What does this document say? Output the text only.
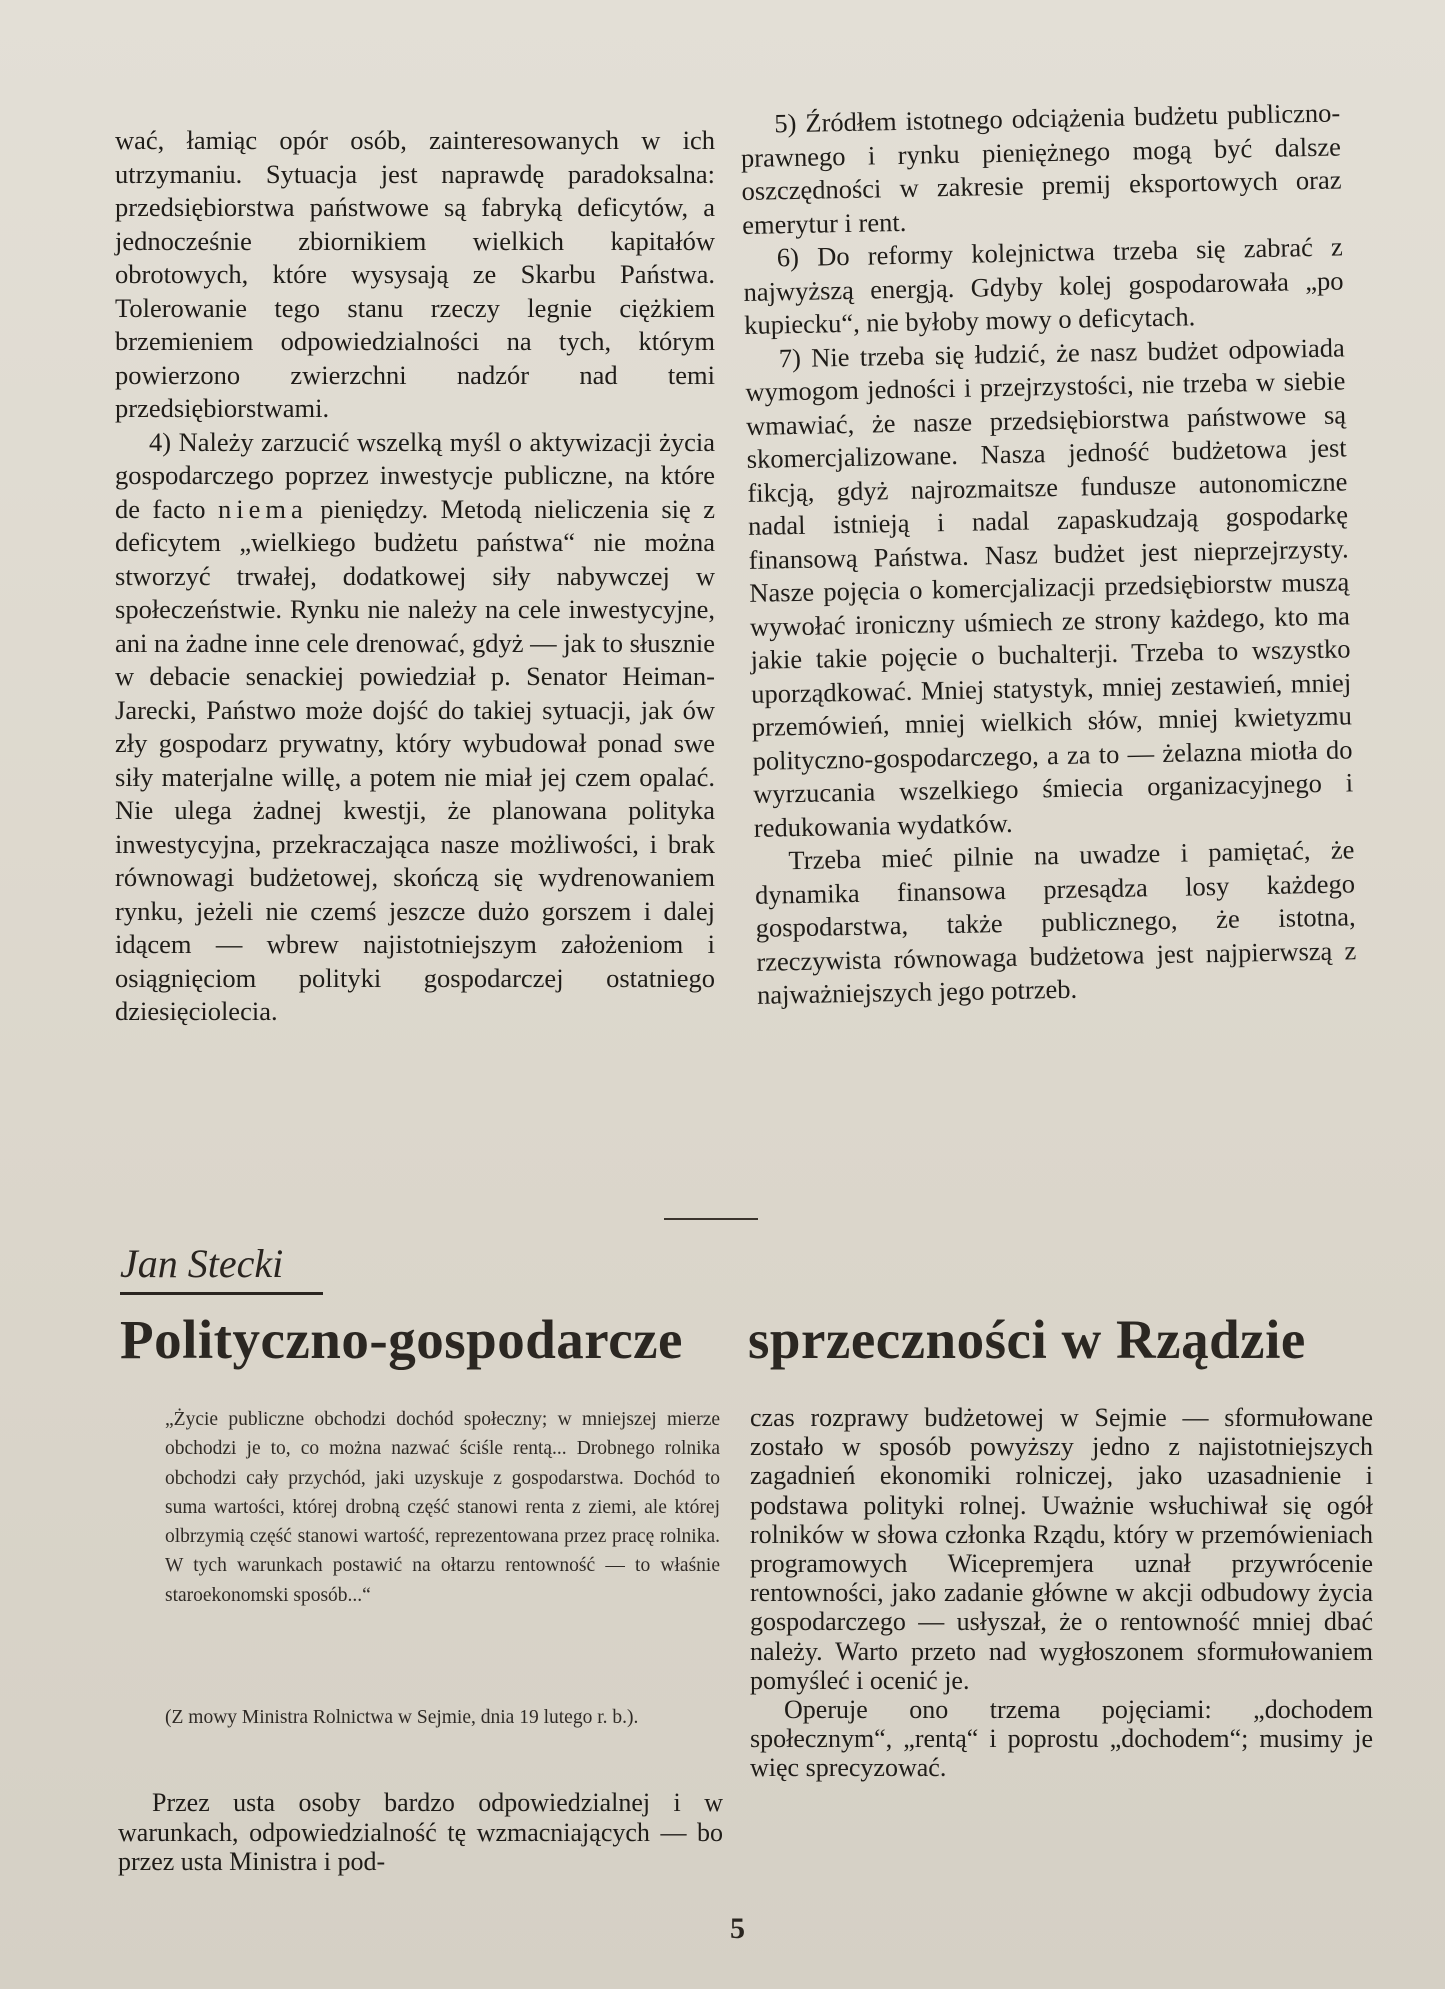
wać, łamiąc opór osób, zainteresowanych w ich utrzymaniu. Sytuacja jest naprawdę paradoksalna: przedsiębiorstwa państwowe są fabryką deficytów, a jednocześnie zbiornikiem wielkich kapitałów obrotowych, które wysysają ze Skarbu Państwa. Tolerowanie tego stanu rzeczy legnie ciężkiem brzemieniem odpowiedzialności na tych, którym powierzono zwierzchni nadzór nad temi przedsiębiorstwami.

4) Należy zarzucić wszelką myśl o aktywizacji życia gospodarczego poprzez inwestycje publiczne, na które de facto niema pieniędzy. Metodą nieliczenia się z deficytem „wielkiego budżetu państwa“ nie można stworzyć trwałej, dodatkowej siły nabywczej w społeczeństwie. Rynku nie należy na cele inwestycyjne, ani na żadne inne cele drenować, gdyż — jak to słusznie w debacie senackiej powiedział p. Senator Heiman-Jarecki, Państwo może dojść do takiej sytuacji, jak ów zły gospodarz prywatny, który wybudował ponad swe siły materjalne willę, a potem nie miał jej czem opalać. Nie ulega żadnej kwestji, że planowana polityka inwestycyjna, przekraczająca nasze możliwości, i brak równowagi budżetowej, skończą się wydrenowaniem rynku, jeżeli nie czemś jeszcze dużo gorszem i dalej idącem — wbrew najistotniejszym założeniom i osiągnięciom polityki gospodarczej ostatniego dziesięciolecia.

5) Źródłem istotnego odciążenia budżetu publiczno-prawnego i rynku pieniężnego mogą być dalsze oszczędności w zakresie premij eksportowych oraz emerytur i rent.

6) Do reformy kolejnictwa trzeba się zabrać z najwyższą energją. Gdyby kolej gospodarowała „po kupiecku“, nie byłoby mowy o deficytach.

7) Nie trzeba się łudzić, że nasz budżet odpowiada wymogom jedności i przejrzystości, nie trzeba w siebie wmawiać, że nasze przedsiębiorstwa państwowe są skomercjalizowane. Nasza jedność budżetowa jest fikcją, gdyż najrozmaitsze fundusze autonomiczne nadal istnieją i nadal zapaskudzają gospodarkę finansową Państwa. Nasz budżet jest nieprzejrzysty. Nasze pojęcia o komercjalizacji przedsiębiorstw muszą wywołać ironiczny uśmiech ze strony każdego, kto ma jakie takie pojęcie o buchalterji. Trzeba to wszystko uporządkować. Mniej statystyk, mniej zestawień, mniej przemówień, mniej wielkich słów, mniej kwietyzmu polityczno-gospodarczego, a za to — żelazna miotła do wyrzucania wszelkiego śmiecia organizacyjnego i redukowania wydatków.

Trzeba mieć pilnie na uwadze i pamiętać, że dynamika finansowa przesądza losy każdego gospodarstwa, także publicznego, że istotna, rzeczywista równowaga budżetowa jest najpierwszą z najważniejszych jego potrzeb.

Jan Stecki
Polityczno-gospodarcze	sprzeczności w Rządzie
„Życie publiczne obchodzi dochód społeczny; w mniejszej mierze obchodzi je to, co można nazwać ściśle rentą... Drobnego rolnika obchodzi cały przychód, jaki uzyskuje z gospodarstwa. Dochód to suma wartości, której drobną część stanowi renta z ziemi, ale której olbrzymią część stanowi wartość, reprezentowana przez pracę rolnika. W tych warunkach postawić na ołtarzu rentowność — to właśnie staroekonomski sposób...“
(Z mowy Ministra Rolnictwa w Sejmie, dnia 19 lutego r. b.).

Przez usta osoby bardzo odpowiedzialnej i w warunkach, odpowiedzialność tę wzmacniających — bo przez usta Ministra i pod-

czas rozprawy budżetowej w Sejmie — sformułowane zostało w sposób powyższy jedno z najistotniejszych zagadnień ekonomiki rolniczej, jako uzasadnienie i podstawa polityki rolnej. Uważnie wsłuchiwał się ogół rolników w słowa członka Rządu, który w przemówieniach programowych Wicepremjera uznał przywrócenie rentowności, jako zadanie główne w akcji odbudowy życia gospodarczego — usłyszał, że o rentowność mniej dbać należy. Warto przeto nad wygłoszonem sformułowaniem pomyśleć i ocenić je.

Operuje ono trzema pojęciami: „dochodem społecznym“, „rentą“ i poprostu „dochodem“; musimy je więc sprecyzować.

5
